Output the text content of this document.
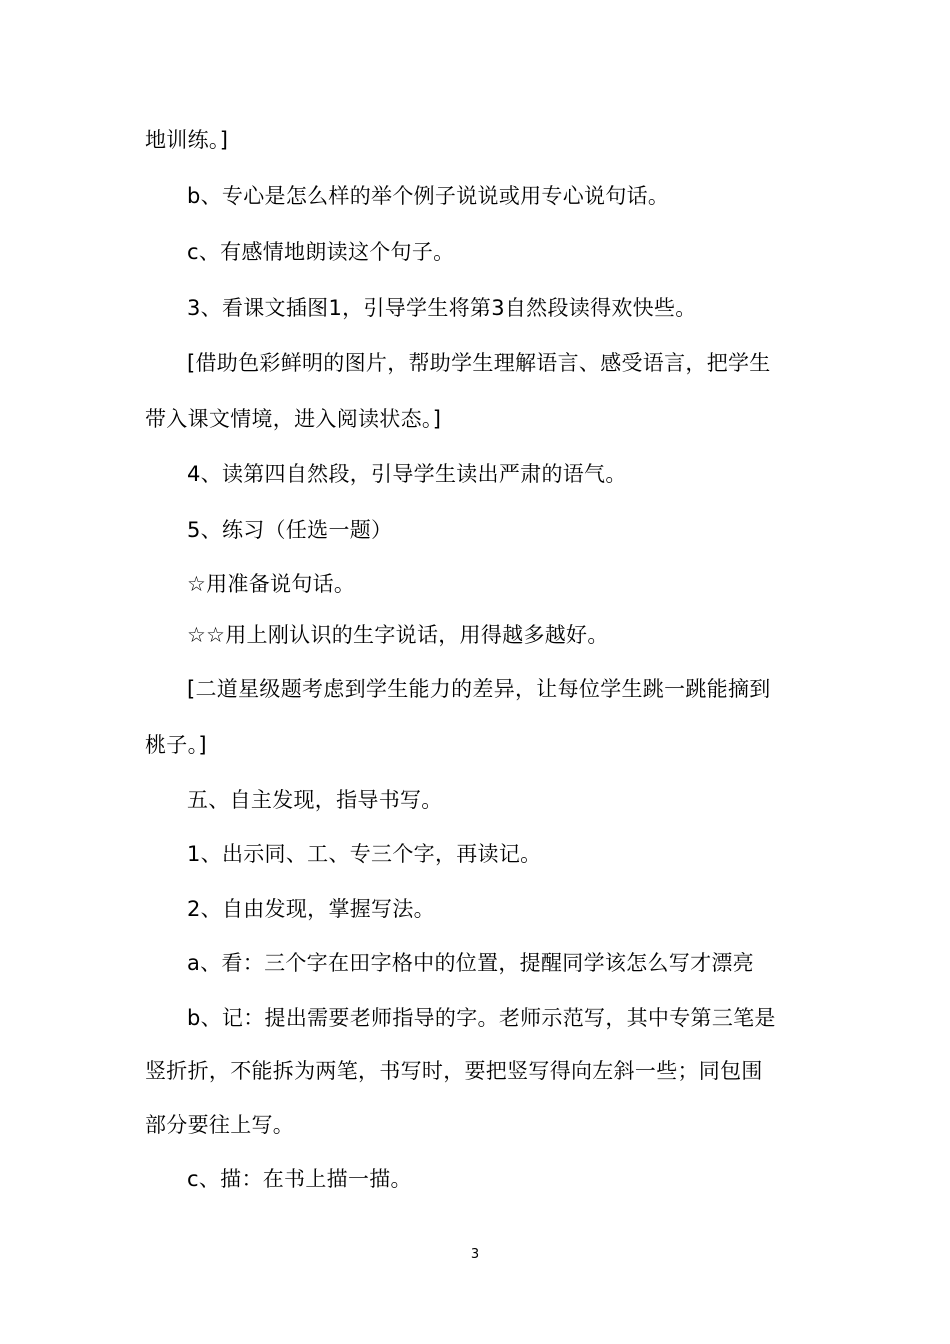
地训练。]
b、专心是怎么样的举个例子说说或用专心说句话。
c、有感情地朗读这个句子。
3、看课文插图1，引导学生将第3自然段读得欢快些。
[借助色彩鲜明的图片，帮助学生理解语言、感受语言，把学生
带入课文情境，进入阅读状态。]
4、读第四自然段，引导学生读出严肃的语气。
5、练习（任选一题）
☆用准备说句话。
☆☆用上刚认识的生字说话，用得越多越好。
[二道星级题考虑到学生能力的差异，让每位学生跳一跳能摘到
桃子。]
五、自主发现，指导书写。
1、出示同、工、专三个字，再读记。
2、自由发现，掌握写法。
a、看：三个字在田字格中的位置，提醒同学该怎么写才漂亮
b、记：提出需要老师指导的字。老师示范写，其中专第三笔是
竖折折，不能拆为两笔，书写时，要把竖写得向左斜一些；同包围
部分要往上写。
c、描：在书上描一描。
3
